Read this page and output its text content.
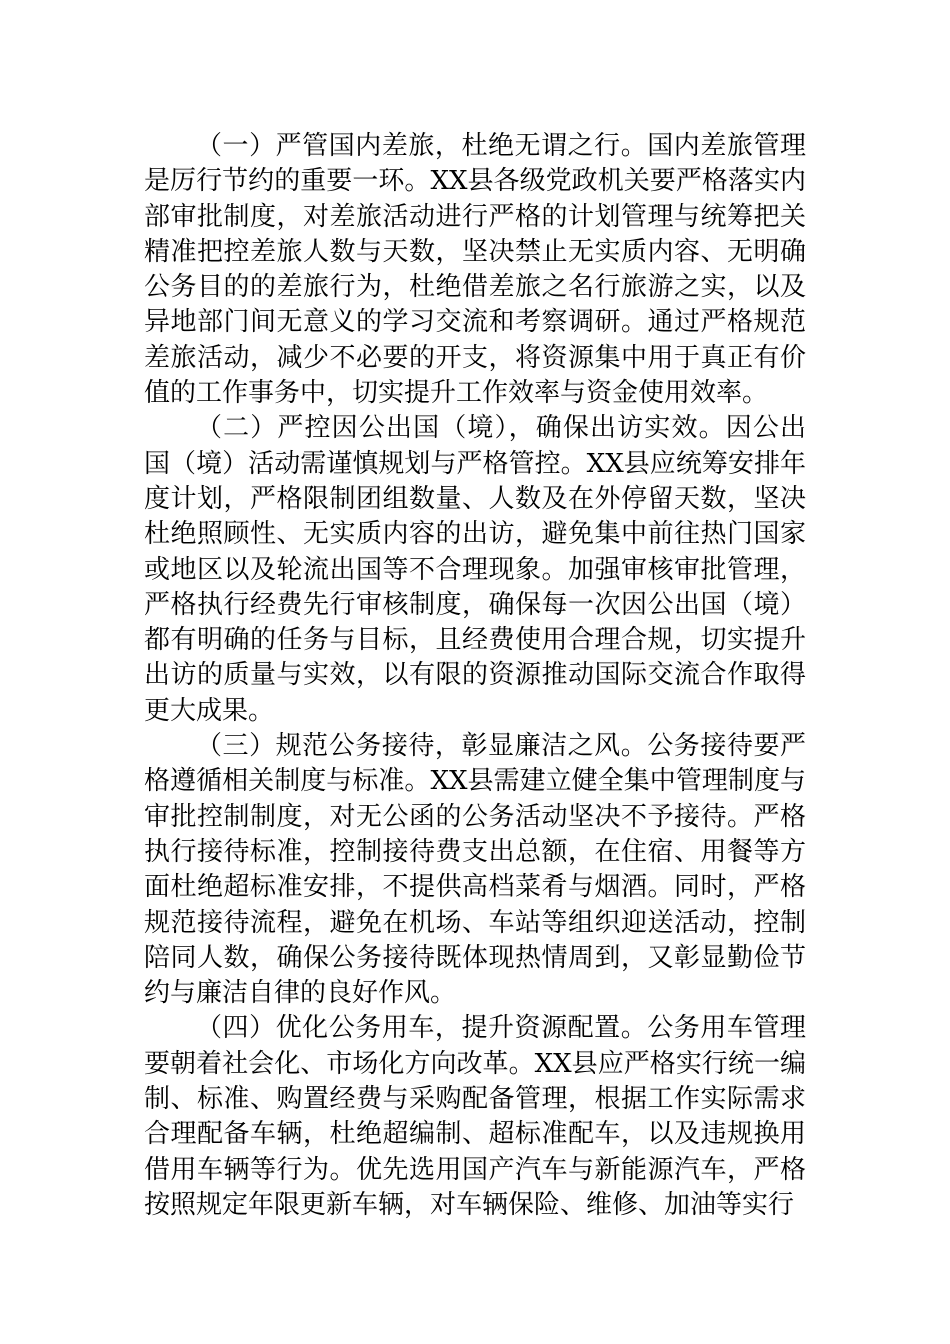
（一）严管国内差旅，杜绝无谓之行。国内差旅管理是厉行节约的重要一环。XX县各级党政机关要严格落实内部审批制度，对差旅活动进行严格的计划管理与统筹把关精准把控差旅人数与天数，坚决禁止无实质内容、无明确公务目的的差旅行为，杜绝借差旅之名行旅游之实，以及异地部门间无意义的学习交流和考察调研。通过严格规范差旅活动，减少不必要的开支，将资源集中用于真正有价值的工作事务中，切实提升工作效率与资金使用效率。

（二）严控因公出国（境），确保出访实效。因公出国（境）活动需谨慎规划与严格管控。XX县应统筹安排年度计划，严格限制团组数量、人数及在外停留天数，坚决杜绝照顾性、无实质内容的出访，避免集中前往热门国家或地区以及轮流出国等不合理现象。加强审核审批管理，严格执行经费先行审核制度，确保每一次因公出国（境）都有明确的任务与目标，且经费使用合理合规，切实提升出访的质量与实效，以有限的资源推动国际交流合作取得更大成果。

（三）规范公务接待，彰显廉洁之风。公务接待要严格遵循相关制度与标准。XX县需建立健全集中管理制度与审批控制制度，对无公函的公务活动坚决不予接待。严格执行接待标准，控制接待费支出总额，在住宿、用餐等方面杜绝超标准安排，不提供高档菜肴与烟酒。同时，严格规范接待流程，避免在机场、车站等组织迎送活动，控制陪同人数，确保公务接待既体现热情周到，又彰显勤俭节约与廉洁自律的良好作风。

（四）优化公务用车，提升资源配置。公务用车管理要朝着社会化、市场化方向改革。XX县应严格实行统一编制、标准、购置经费与采购配备管理，根据工作实际需求合理配备车辆，杜绝超编制、超标准配车，以及违规换用借用车辆等行为。优先选用国产汽车与新能源汽车，严格按照规定年限更新车辆，对车辆保险、维修、加油等实行
